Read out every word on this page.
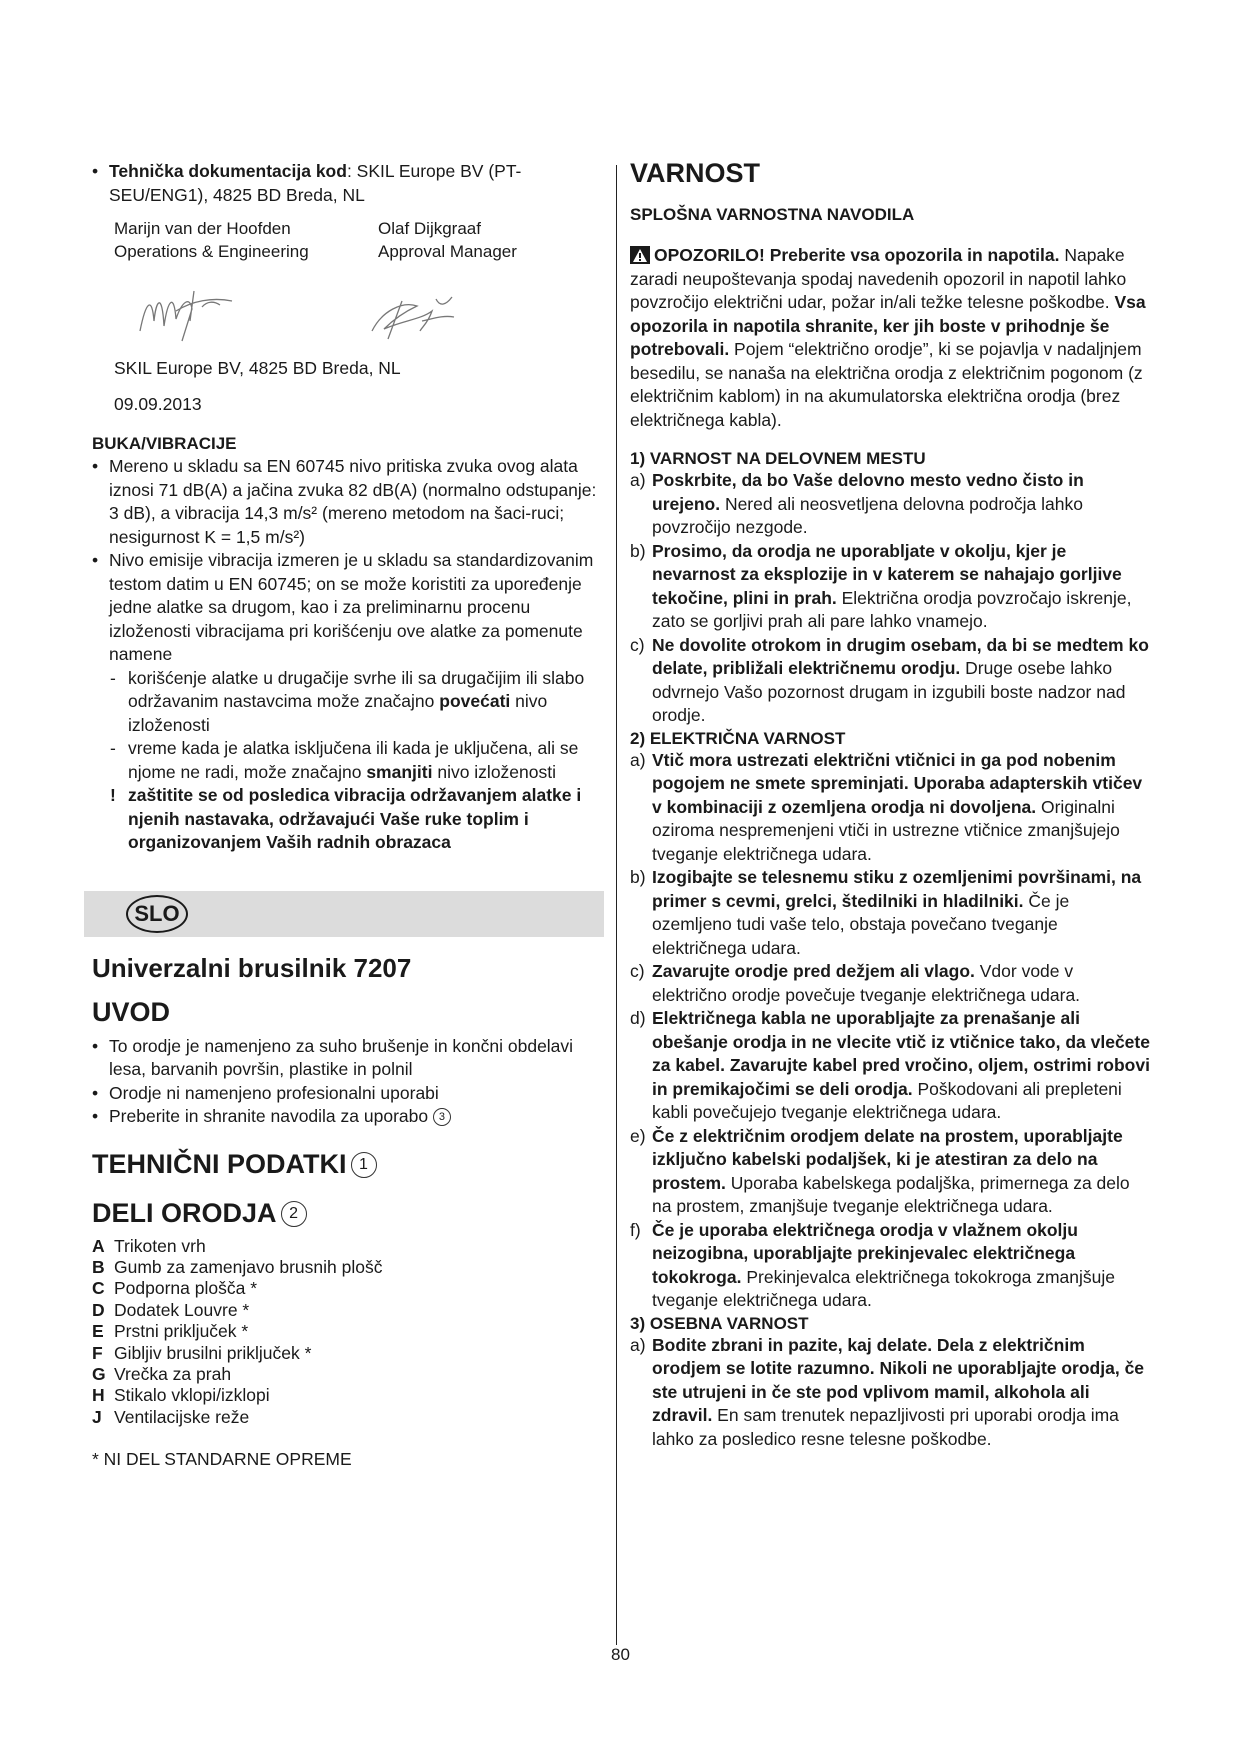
• Tehnička dokumentacija kod: SKIL Europe BV (PT-SEU/ENG1), 4825 BD Breda, NL

Marijn van der Hoofden	Olaf Dijkgraaf
Operations & Engineering	Approval Manager

SKIL Europe BV, 4825 BD Breda, NL

09.09.2013

BUKA/VIBRACIJE

• Mereno u skladu sa EN 60745 nivo pritiska zvuka ovog alata iznosi 71 dB(A) a jačina zvuka 82 dB(A) (normalno odstupanje: 3 dB), a vibracija 14,3 m/s² (mereno metodom na šaci-ruci; nesigurnost K = 1,5 m/s²)

• Nivo emisije vibracija izmeren je u skladu sa standardizovanim testom datim u EN 60745; on se može koristiti za upoređenje jedne alatke sa drugom, kao i za preliminarnu procenu izloženosti vibracijama pri korišćenju ove alatke za pomenute namene

- korišćenje alatke u drugačije svrhe ili sa drugačijim ili slabo održavanim nastavcima može značajno povećati nivo izloženosti

- vreme kada je alatka isključena ili kada je uključena, ali se njome ne radi, može značajno smanjiti nivo izloženosti

! zaštitite se od posledica vibracija održavanjem alatke i njenih nastavaka, održavajući Vaše ruke toplim i organizovanjem Vaših radnih obrazaca

SLO

Univerzalni brusilnik 7207

UVOD

• To orodje je namenjeno za suho brušenje in končni obdelavi lesa, barvanih površin, plastike in polnil

• Orodje ni namenjeno profesionalni uporabi

• Preberite in shranite navodila za uporabo 3

TEHNIČNI PODATKI 1

DELI ORODJA 2

A Trikoten vrh
B Gumb za zamenjavo brusnih plošč
C Podporna plošča *
D Dodatek Louvre *
E Prstni priključek *
F Gibljiv brusilni priključek *
G Vrečka za prah
H Stikalo vklopi/izklopi
J Ventilacijske reže

* NI DEL STANDARNE OPREME

VARNOST

SPLOŠNA VARNOSTNA NAVODILA

OPOZORILO! Preberite vsa opozorila in napotila. Napake zaradi neupoštevanja spodaj navedenih opozoril in napotil lahko povzročijo električni udar, požar in/ali težke telesne poškodbe. Vsa opozorila in napotila shranite, ker jih boste v prihodnje še potrebovali. Pojem “električno orodje”, ki se pojavlja v nadaljnjem besedilu, se nanaša na električna orodja z električnim pogonom (z električnim kablom) in na akumulatorska električna orodja (brez električnega kabla).

1) VARNOST NA DELOVNEM MESTU

a) Poskrbite, da bo Vaše delovno mesto vedno čisto in urejeno. Nered ali neosvetljena delovna področja lahko povzročijo nezgode.

b) Prosimo, da orodja ne uporabljate v okolju, kjer je nevarnost za eksplozije in v katerem se nahajajo gorljive tekočine, plini in prah. Električna orodja povzročajo iskrenje, zato se gorljivi prah ali pare lahko vnamejo.

c) Ne dovolite otrokom in drugim osebam, da bi se medtem ko delate, približali električnemu orodju. Druge osebe lahko odvrnejo Vašo pozornost drugam in izgubili boste nadzor nad orodje.

2) ELEKTRIČNA VARNOST

a) Vtič mora ustrezati električni vtičnici in ga pod nobenim pogojem ne smete spreminjati. Uporaba adapterskih vtičev v kombinaciji z ozemljena orodja ni dovoljena. Originalni oziroma nespremenjeni vtiči in ustrezne vtičnice zmanjšujejo tveganje električnega udara.

b) Izogibajte se telesnemu stiku z ozemljenimi površinami, na primer s cevmi, grelci, štedilniki in hladilniki. Če je ozemljeno tudi vaše telo, obstaja povečano tveganje električnega udara.

c) Zavarujte orodje pred dežjem ali vlago. Vdor vode v električno orodje povečuje tveganje električnega udara.

d) Električnega kabla ne uporabljajte za prenašanje ali obešanje orodja in ne vlecite vtič iz vtičnice tako, da vlečete za kabel. Zavarujte kabel pred vročino, oljem, ostrimi robovi in premikajočimi se deli orodja. Poškodovani ali prepleteni kabli povečujejo tveganje električnega udara.

e) Če z električnim orodjem delate na prostem, uporabljajte izključno kabelski podaljšek, ki je atestiran za delo na prostem. Uporaba kabelskega podaljška, primernega za delo na prostem, zmanjšuje tveganje električnega udara.

f) Če je uporaba električnega orodja v vlažnem okolju neizogibna, uporabljajte prekinjevalec električnega tokokroga. Prekinjevalca električnega tokokroga zmanjšuje tveganje električnega udara.

3) OSEBNA VARNOST

a) Bodite zbrani in pazite, kaj delate. Dela z električnim orodjem se lotite razumno. Nikoli ne uporabljajte orodja, če ste utrujeni in če ste pod vplivom mamil, alkohola ali zdravil. En sam trenutek nepazljivosti pri uporabi orodja ima lahko za posledico resne telesne poškodbe.

80
